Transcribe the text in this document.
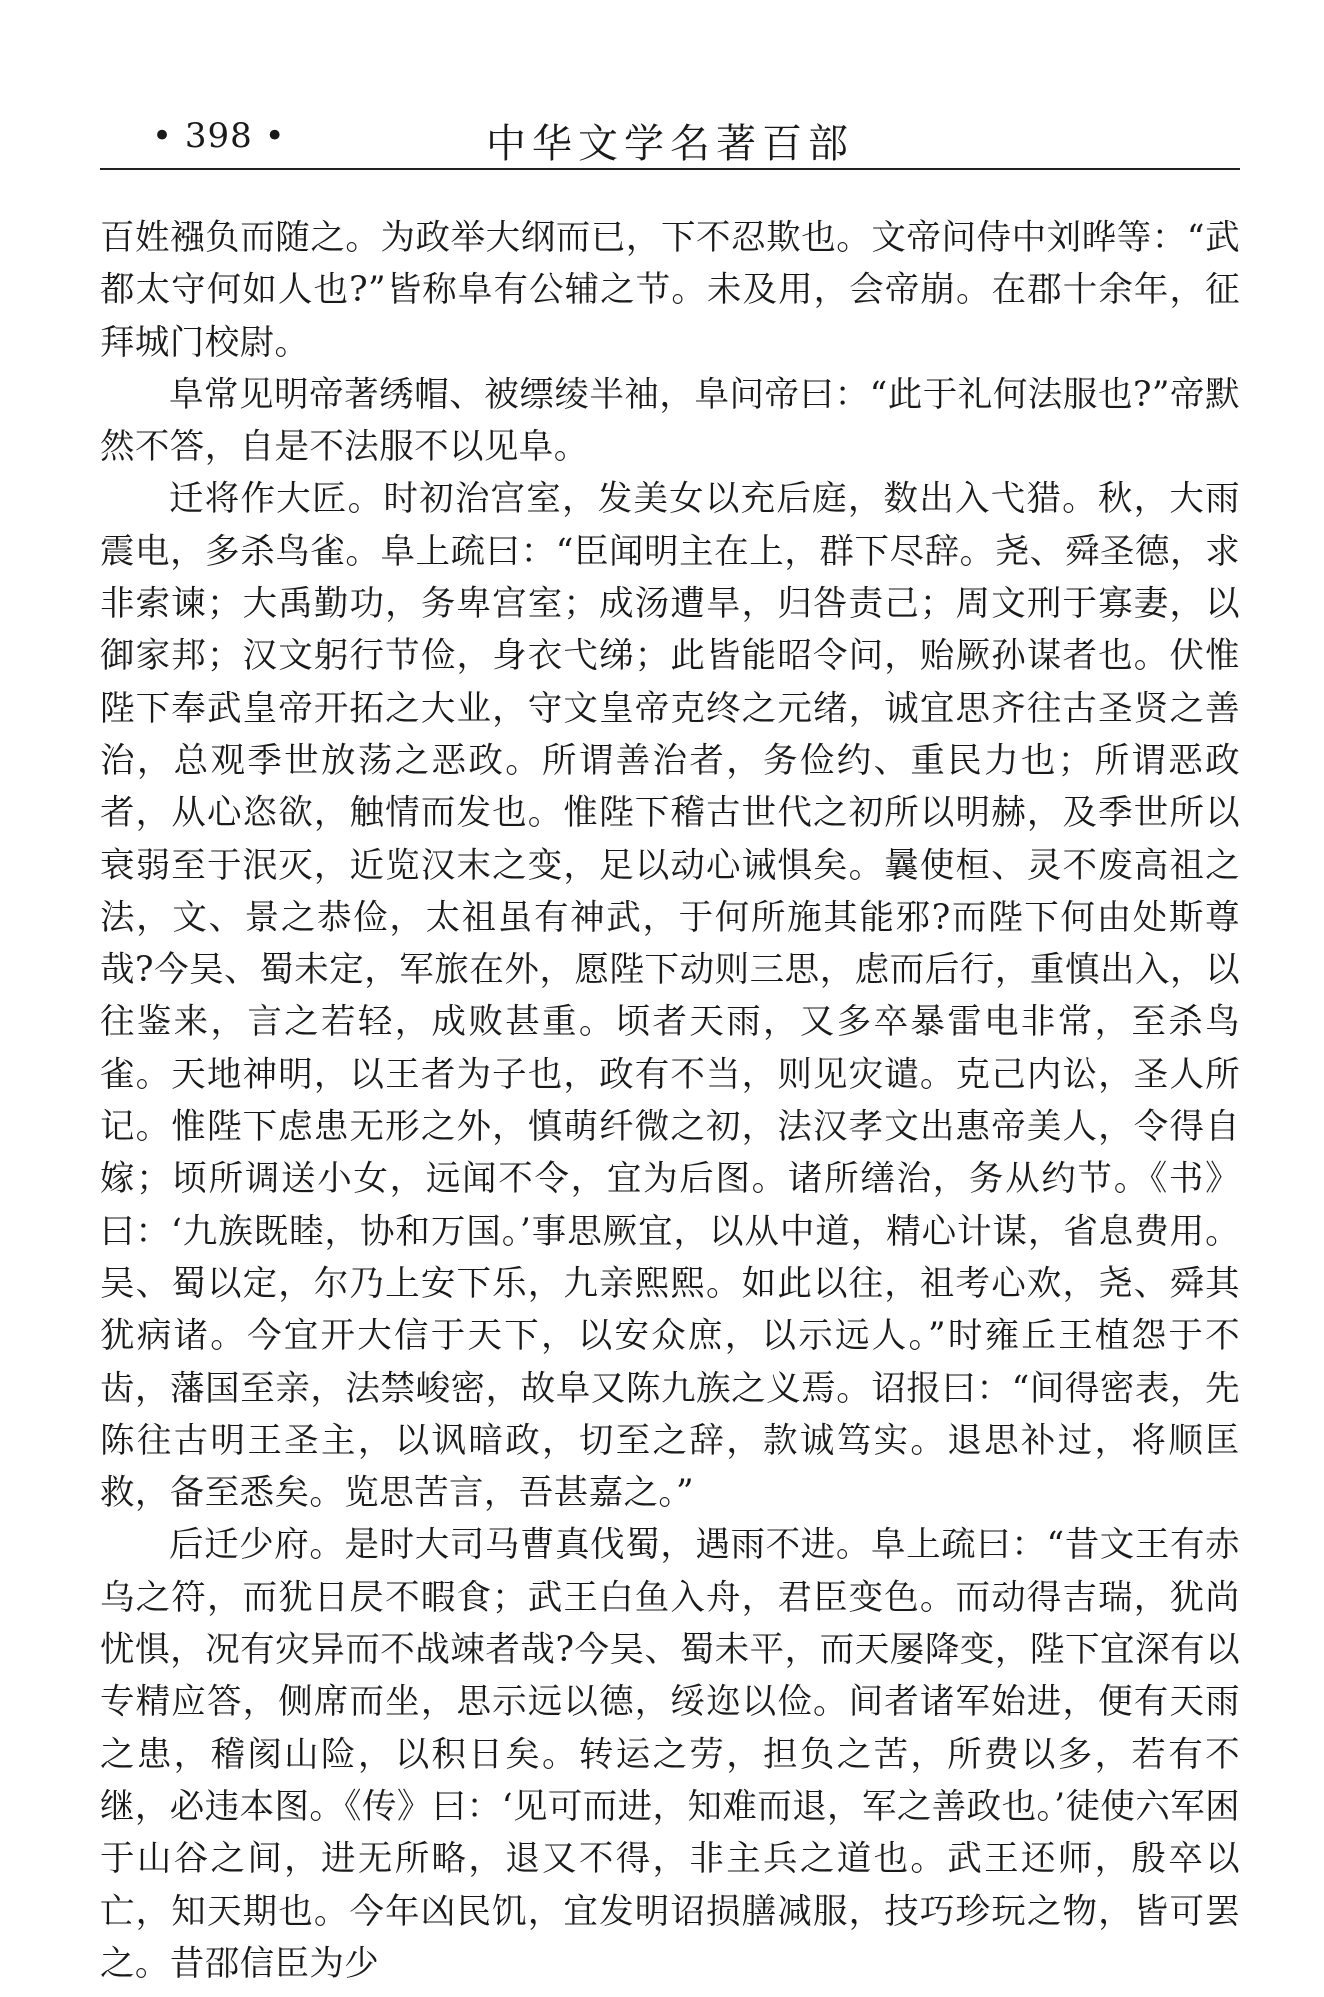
• 398 •	中华文学名著百部

百姓襁负而随之。为政举大纲而已，下不忍欺也。文帝问侍中刘晔等：“武都太守何如人也?”皆称阜有公辅之节。未及用，会帝崩。在郡十余年，征拜城门校尉。

阜常见明帝著绣帽、被缥绫半袖，阜问帝曰：“此于礼何法服也?”帝默然不答，自是不法服不以见阜。

迁将作大匠。时初治宫室，发美女以充后庭，数出入弋猎。秋，大雨震电，多杀鸟雀。阜上疏曰：“臣闻明主在上，群下尽辞。尧、舜圣德，求非索谏；大禹勤功，务卑宫室；成汤遭旱，归咎责己；周文刑于寡妻，以御家邦；汉文躬行节俭，身衣弋绨；此皆能昭令问，贻厥孙谋者也。伏惟陛下奉武皇帝开拓之大业，守文皇帝克终之元绪，诚宜思齐往古圣贤之善治，总观季世放荡之恶政。所谓善治者，务俭约、重民力也；所谓恶政者，从心恣欲，触情而发也。惟陛下稽古世代之初所以明赫，及季世所以衰弱至于泯灭，近览汉末之变，足以动心诫惧矣。曩使桓、灵不废高祖之法，文、景之恭俭，太祖虽有神武，于何所施其能邪?而陛下何由处斯尊哉?今吴、蜀未定，军旅在外，愿陛下动则三思，虑而后行，重慎出入，以往鉴来，言之若轻，成败甚重。顷者天雨，又多卒暴雷电非常，至杀鸟雀。天地神明，以王者为子也，政有不当，则见灾谴。克己内讼，圣人所记。惟陛下虑患无形之外，慎萌纤微之初，法汉孝文出惠帝美人，令得自嫁；顷所调送小女，远闻不令，宜为后图。诸所缮治，务从约节。《书》曰：‘九族既睦，协和万国。’事思厥宜，以从中道，精心计谋，省息费用。吴、蜀以定，尔乃上安下乐，九亲熙熙。如此以往，祖考心欢，尧、舜其犹病诸。今宜开大信于天下，以安众庶，以示远人。”时雍丘王植怨于不齿，藩国至亲，法禁峻密，故阜又陈九族之义焉。诏报曰：“间得密表，先陈往古明王圣主，以讽暗政，切至之辞，款诚笃实。退思补过，将顺匡救，备至悉矣。览思苦言，吾甚嘉之。”

后迁少府。是时大司马曹真伐蜀，遇雨不进。阜上疏曰：“昔文王有赤乌之符，而犹日昃不暇食；武王白鱼入舟，君臣变色。而动得吉瑞，犹尚忧惧，况有灾异而不战竦者哉?今吴、蜀未平，而天屡降变，陛下宜深有以专精应答，侧席而坐，思示远以德，绥迩以俭。间者诸军始进，便有天雨之患，稽阂山险，以积日矣。转运之劳，担负之苦，所费以多，若有不继，必违本图。《传》曰：‘见可而进，知难而退，军之善政也。’徒使六军困于山谷之间，进无所略，退又不得，非主兵之道也。武王还师，殷卒以亡，知天期也。今年凶民饥，宜发明诏损膳减服，技巧珍玩之物，皆可罢之。昔邵信臣为少
